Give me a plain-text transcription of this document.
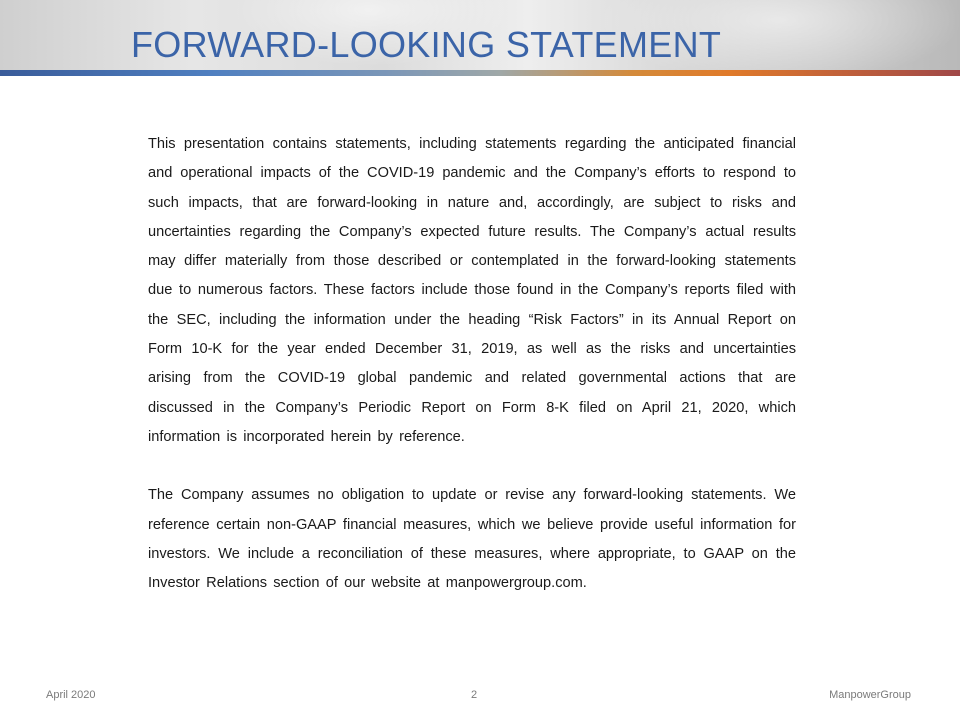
FORWARD-LOOKING STATEMENT

This presentation contains statements, including statements regarding the anticipated financial and operational impacts of the COVID-19 pandemic and the Company’s efforts to respond to such impacts, that are forward-looking in nature and, accordingly, are subject to risks and uncertainties regarding the Company’s expected future results. The Company’s actual results may differ materially from those described or contemplated in the forward-looking statements due to numerous factors. These factors include those found in the Company’s reports filed with the SEC, including the information under the heading “Risk Factors” in its Annual Report on Form 10-K for the year ended December 31, 2019, as well as the risks and uncertainties arising from the COVID-19 global pandemic and related governmental actions that are discussed in the Company’s Periodic Report on Form 8-K filed on April 21, 2020, which information is incorporated herein by reference.

The Company assumes no obligation to update or revise any forward-looking statements. We reference certain non-GAAP financial measures, which we believe provide useful information for investors. We include a reconciliation of these measures, where appropriate, to GAAP on the Investor Relations section of our website at manpowergroup.com.

April 2020	2	ManpowerGroup
